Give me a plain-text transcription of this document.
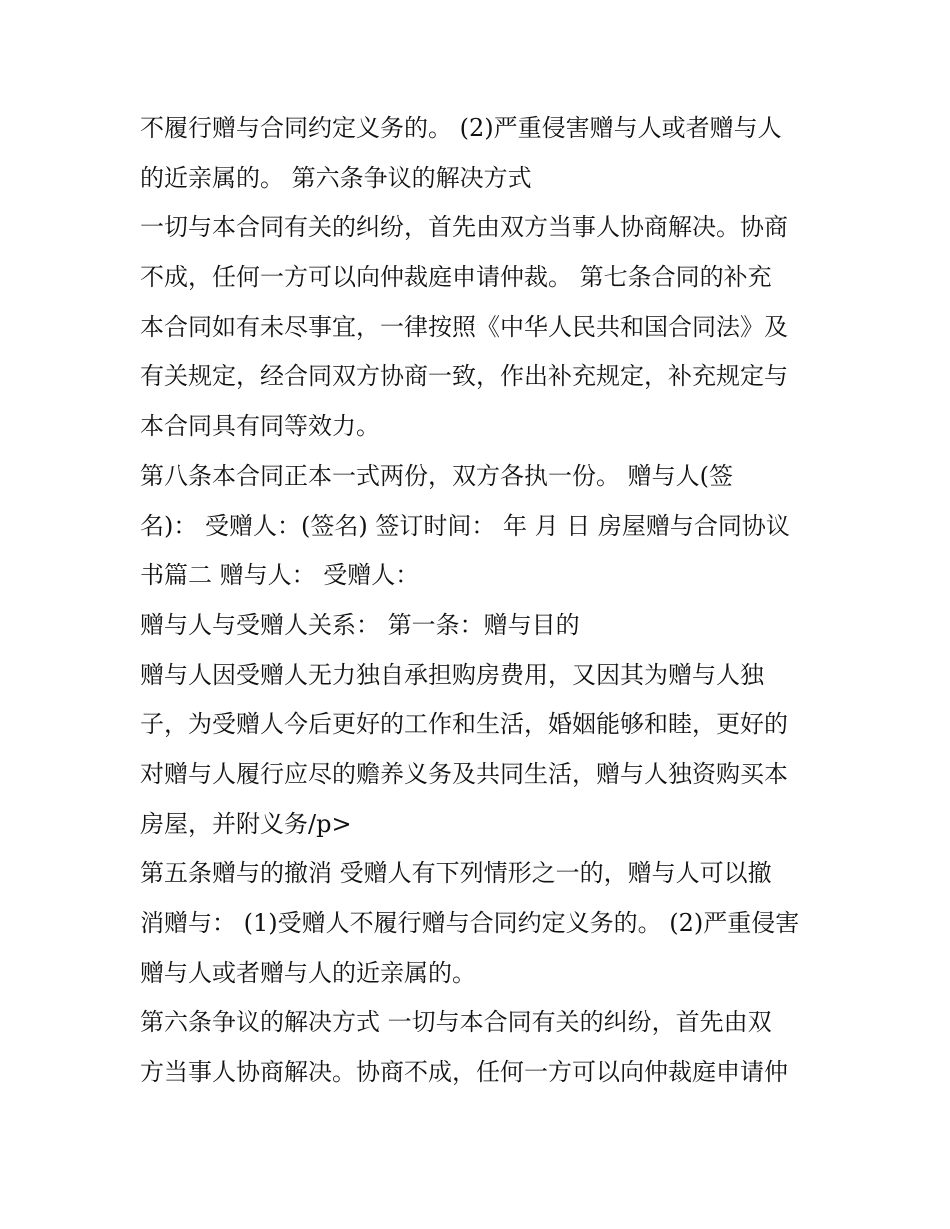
不履行赠与合同约定义务的。 (2)严重侵害赠与人或者赠与人
的近亲属的。 第六条争议的解决方式
一切与本合同有关的纠纷，首先由双方当事人协商解决。协商
不成，任何一方可以向仲裁庭申请仲裁。 第七条合同的补充
本合同如有未尽事宜，一律按照《中华人民共和国合同法》及
有关规定，经合同双方协商一致，作出补充规定，补充规定与
本合同具有同等效力。
第八条本合同正本一式两份，双方各执一份。 赠与人(签
名)： 受赠人：(签名) 签订时间： 年 月 日 房屋赠与合同协议
书篇二 赠与人： 受赠人：
赠与人与受赠人关系： 第一条：赠与目的
赠与人因受赠人无力独自承担购房费用，又因其为赠与人独
子，为受赠人今后更好的工作和生活，婚姻能够和睦，更好的
对赠与人履行应尽的赡养义务及共同生活，赠与人独资购买本
房屋，并附义务/p>
第五条赠与的撤消 受赠人有下列情形之一的，赠与人可以撤
消赠与： (1)受赠人不履行赠与合同约定义务的。 (2)严重侵害
赠与人或者赠与人的近亲属的。
第六条争议的解决方式 一切与本合同有关的纠纷，首先由双
方当事人协商解决。协商不成，任何一方可以向仲裁庭申请仲
